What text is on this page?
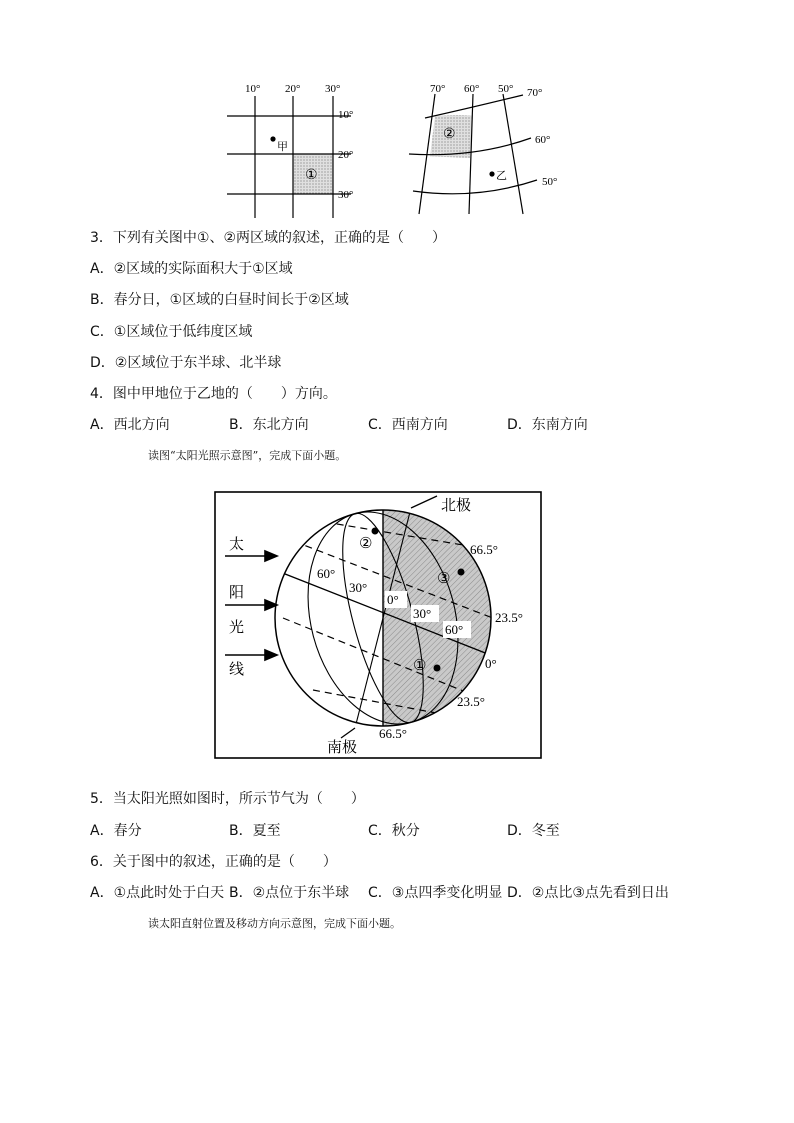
10° 20° 30°
10°
20°
30°
甲
①
70° 60° 50° 70°
60°
50°
②
乙
3．下列有关图中①、②两区域的叙述，正确的是（　　）
A．②区域的实际面积大于①区域
B．春分日，①区域的白昼时间长于②区域
C．①区域位于低纬度区域
D．②区域位于东半球、北半球
4．图中甲地位于乙地的（　　）方向。
A．西北方向	B．东北方向	C．西南方向	D．东南方向
读图“太阳光照示意图”，完成下面小题。
太
阳
光
线
北极
南极
66.5°
23.5°
0°
23.5°
66.5°
60°
30°
0°
30°
60°
①
②
③
5．当太阳光照如图时，所示节气为（　　）
A．春分	B．夏至	C．秋分	D．冬至
6．关于图中的叙述，正确的是（　　）
A．①点此时处于白天 B．②点位于东半球 C．③点四季变化明显 D．②点比③点先看到日出
读太阳直射位置及移动方向示意图，完成下面小题。
